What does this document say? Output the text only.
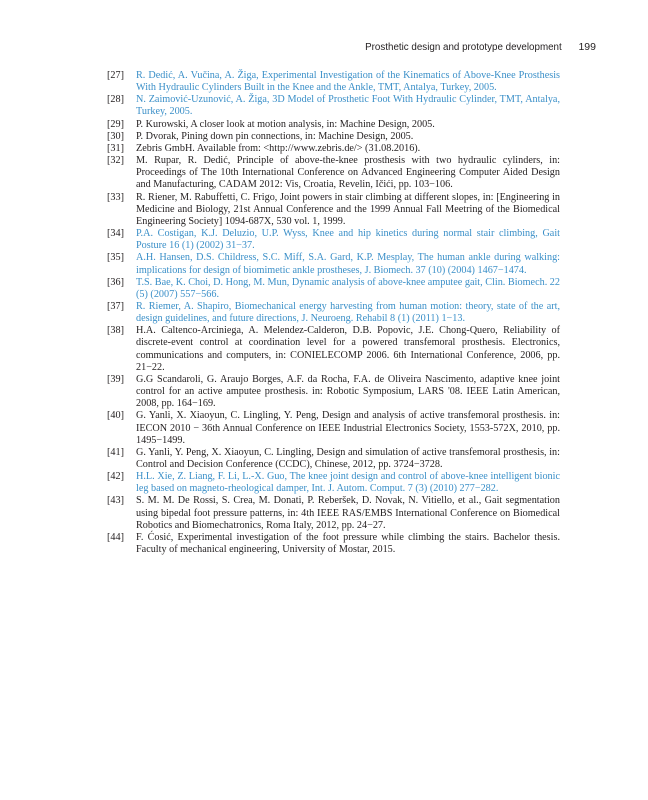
Prosthetic design and prototype development 199
[27] R. Dedić, A. Vučina, A. Žiga, Experimental Investigation of the Kinematics of Above-Knee Prosthesis With Hydraulic Cylinders Built in the Knee and the Ankle, TMT, Antalya, Turkey, 2005.
[28] N. Zaimović-Uzunović, A. Žiga, 3D Model of Prosthetic Foot With Hydraulic Cylinder, TMT, Antalya, Turkey, 2005.
[29] P. Kurowski, A closer look at motion analysis, in: Machine Design, 2005.
[30] P. Dvorak, Pining down pin connections, in: Machine Design, 2005.
[31] Zebris GmbH. Available from: <http://www.zebris.de/> (31.08.2016).
[32] M. Rupar, R. Dedić, Principle of above-the-knee prosthesis with two hydraulic cylinders, in: Proceedings of The 10th International Conference on Advanced Engineering Computer Aided Design and Manufacturing, CADAM 2012: Vis, Croatia, Revelin, Ičići, pp. 103−106.
[33] R. Riener, M. Rabuffetti, C. Frigo, Joint powers in stair climbing at different slopes, in: [Engineering in Medicine and Biology, 21st Annual Conference and the 1999 Annual Fall Meetring of the Biomedical Engineering Society] 1094-687X, 530 vol. 1, 1999.
[34] P.A. Costigan, K.J. Deluzio, U.P. Wyss, Knee and hip kinetics during normal stair climbing, Gait Posture 16 (1) (2002) 31−37.
[35] A.H. Hansen, D.S. Childress, S.C. Miff, S.A. Gard, K.P. Mesplay, The human ankle during walking: implications for design of biomimetic ankle prostheses, J. Biomech. 37 (10) (2004) 1467−1474.
[36] T.S. Bae, K. Choi, D. Hong, M. Mun, Dynamic analysis of above-knee amputee gait, Clin. Biomech. 22 (5) (2007) 557−566.
[37] R. Riemer, A. Shapiro, Biomechanical energy harvesting from human motion: theory, state of the art, design guidelines, and future directions, J. Neuroeng. Rehabil 8 (1) (2011) 1−13.
[38] H.A. Caltenco-Arciniega, A. Melendez-Calderon, D.B. Popovic, J.E. Chong-Quero, Reliability of discrete-event control at coordination level for a powered transfemoral prosthesis. Electronics, communications and computers, in: CONIELECOMP 2006. 6th International Conference, 2006, pp. 21−22.
[39] G.G Scandaroli, G. Araujo Borges, A.F. da Rocha, F.A. de Oliveira Nascimento, adaptive knee joint control for an active amputee prosthesis. in: Robotic Symposium, LARS '08. IEEE Latin American, 2008, pp. 164−169.
[40] G. Yanli, X. Xiaoyun, C. Lingling, Y. Peng, Design and analysis of active transfemoral prosthesis. in: IECON 2010 − 36th Annual Conference on IEEE Industrial Electronics Society, 1553-572X, 2010, pp. 1495−1499.
[41] G. Yanli, Y. Peng, X. Xiaoyun, C. Lingling, Design and simulation of active transfemoral prosthesis, in: Control and Decision Conference (CCDC), Chinese, 2012, pp. 3724−3728.
[42] H.L. Xie, Z. Liang, F. Li, L.-X. Guo, The knee joint design and control of above-knee intelligent bionic leg based on magneto-rheological damper, Int. J. Autom. Comput. 7 (3) (2010) 277−282.
[43] S. M. M. De Rossi, S. Crea, M. Donati, P. Reberšek, D. Novak, N. Vitiello, et al., Gait segmentation using bipedal foot pressure patterns, in: 4th IEEE RAS/EMBS International Conference on Biomedical Robotics and Biomechatronics, Roma Italy, 2012, pp. 24−27.
[44] F. Ćosić, Experimental investigation of the foot pressure while climbing the stairs. Bachelor thesis. Faculty of mechanical engineering, University of Mostar, 2015.
